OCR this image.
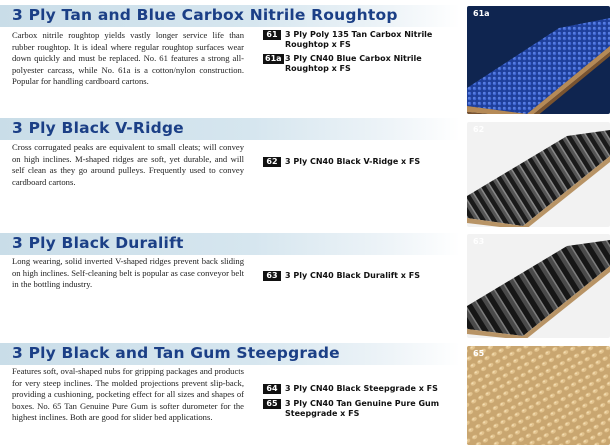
3 Ply Tan and Blue Carbox Nitrile Roughtop
Carbox nitrile roughtop yields vastly longer service life than rubber roughtop. It is ideal where regular roughtop surfaces wear down quickly and must be replaced. No. 61 features a strong all-polyester carcass, while No. 61a is a cotton/nylon construction. Popular for handling cardboard cartons.
61 3 Ply Poly 135 Tan Carbox Nitrile Roughtop x FS
61a 3 Ply CN40 Blue Carbox Nitrile Roughtop x FS
61a
3 Ply Black V-Ridge
Cross corrugated peaks are equivalent to small cleats; will convey on high inclines. M-shaped ridges are soft, yet durable, and will self clean as they go around pulleys. Frequently used to convey cardboard cartons.
62 3 Ply CN40 Black V-Ridge x FS
62
3 Ply Black Duralift
Long wearing, solid inverted V-shaped ridges prevent back sliding on high inclines. Self-cleaning belt is popular as case conveyor belt in the bottling industry.
63 3 Ply CN40 Black Duralift x FS
63
3 Ply Black and Tan Gum Steepgrade
Features soft, oval-shaped nubs for gripping packages and products for very steep inclines. The molded projections prevent slip-back, providing a cushioning, pocketing effect for all sizes and shapes of boxes. No. 65 Tan Genuine Pure Gum is softer durometer for the highest inclines. Both are good for slider bed applications.
64 3 Ply CN40 Black Steepgrade x FS
65 3 Ply CN40 Tan Genuine Pure Gum Steepgrade x FS
65
